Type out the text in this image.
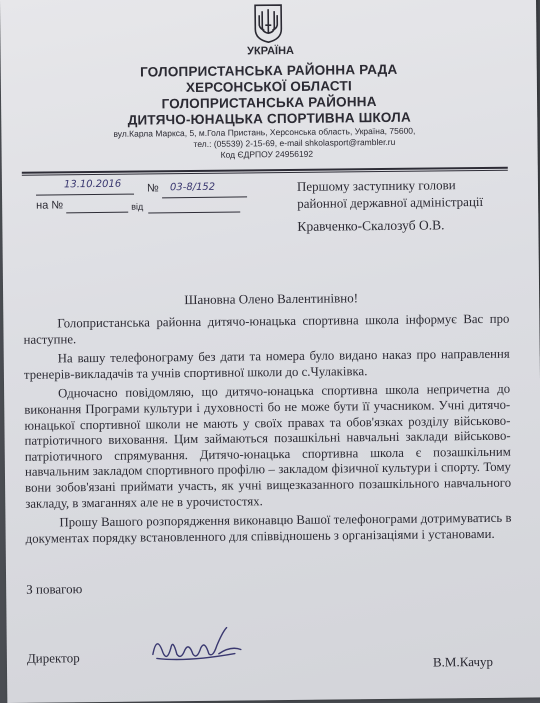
УКРАЇНА
ГОЛОПРИСТАНСЬКА РАЙОННА РАДА
ХЕРСОНСЬКОЇ ОБЛАСТІ
ГОЛОПРИСТАНСЬКА РАЙОННА
ДИТЯЧО-ЮНАЦЬКА СПОРТИВНА ШКОЛА
вул.Карла Маркса, 5, м.Гола Пристань, Херсонська область, Україна, 75600,
тел.: (05539) 2-15-69, e-mail shkolasport@rambler.ru
Код ЄДРПОУ 24956192
13.10.2016 № 03-8/152
на №	від
Першому заступнику голови
районної державної адміністрації
Кравченко-Скалозуб О.В.
Шановна Олено Валентинівно!

Голопристанська районна дитячо-юнацька спортивна школа інформує Вас про наступне.

На вашу телефонограму без дати та номера було видано наказ про направлення тренерів-викладачів та учнів спортивної школи до с.Чулаківка.

Одночасно повідомляю, що дитячо-юнацька спортивна школа непричетна до виконання Програми культури і духовності бо не може бути її учасником. Учні дитячо-юнацької спортивної школи не мають у своїх правах та обов'язках розділу військово-патріотичного виховання. Цим займаються позашкільні навчальні заклади військово-патріотичного спрямування. Дитячо-юнацька спортивна школа є позашкільним навчальним закладом спортивного профілю – закладом фізичної культури і спорту. Тому вони зобов'язані приймати участь, як учні вищезказанного позашкільного навчального закладу, в змаганнях але не в урочистостях.

Прошу Вашого розпорядження виконавцю Вашої телефонограми дотримуватись в документах порядку встановленного для співвідношень з організаціями і установами.

З повагою
Директор	В.М.Качур
